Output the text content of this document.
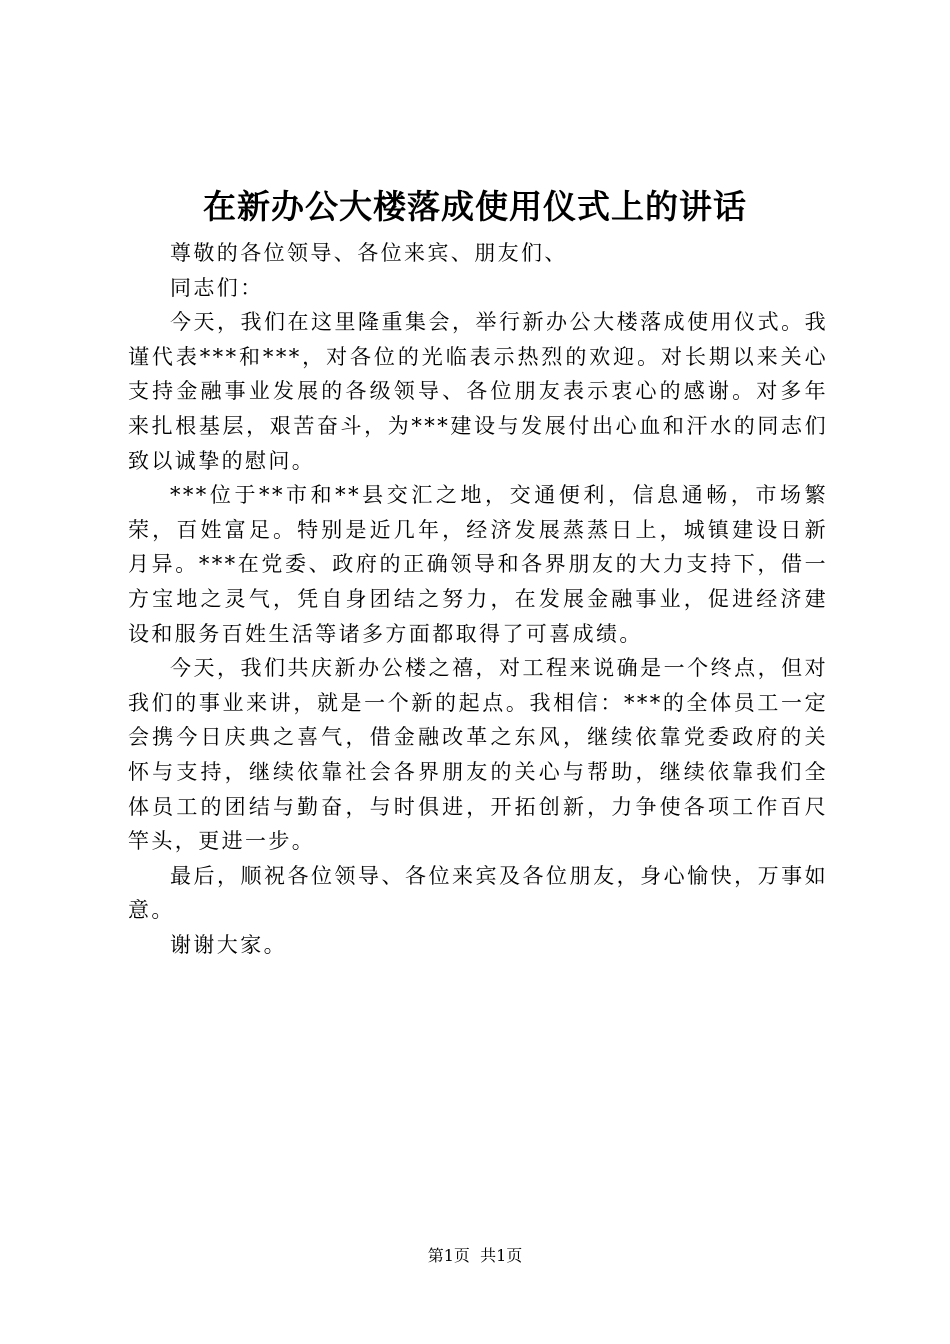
在新办公大楼落成使用仪式上的讲话

尊敬的各位领导、各位来宾、朋友们、

同志们：

今天，我们在这里隆重集会，举行新办公大楼落成使用仪式。我谨代表***和***，对各位的光临表示热烈的欢迎。对长期以来关心支持金融事业发展的各级领导、各位朋友表示衷心的感谢。对多年来扎根基层，艰苦奋斗，为***建设与发展付出心血和汗水的同志们致以诚挚的慰问。

***位于**市和**县交汇之地，交通便利，信息通畅，市场繁荣，百姓富足。特别是近几年，经济发展蒸蒸日上，城镇建设日新月异。***在党委、政府的正确领导和各界朋友的大力支持下，借一方宝地之灵气，凭自身团结之努力，在发展金融事业，促进经济建设和服务百姓生活等诸多方面都取得了可喜成绩。

今天，我们共庆新办公楼之禧，对工程来说确是一个终点，但对我们的事业来讲，就是一个新的起点。我相信：***的全体员工一定会携今日庆典之喜气，借金融改革之东风，继续依靠党委政府的关怀与支持，继续依靠社会各界朋友的关心与帮助，继续依靠我们全体员工的团结与勤奋，与时俱进，开拓创新，力争使各项工作百尺竿头，更进一步。

最后，顺祝各位领导、各位来宾及各位朋友，身心愉快，万事如意。

谢谢大家。

第1页  共1页
